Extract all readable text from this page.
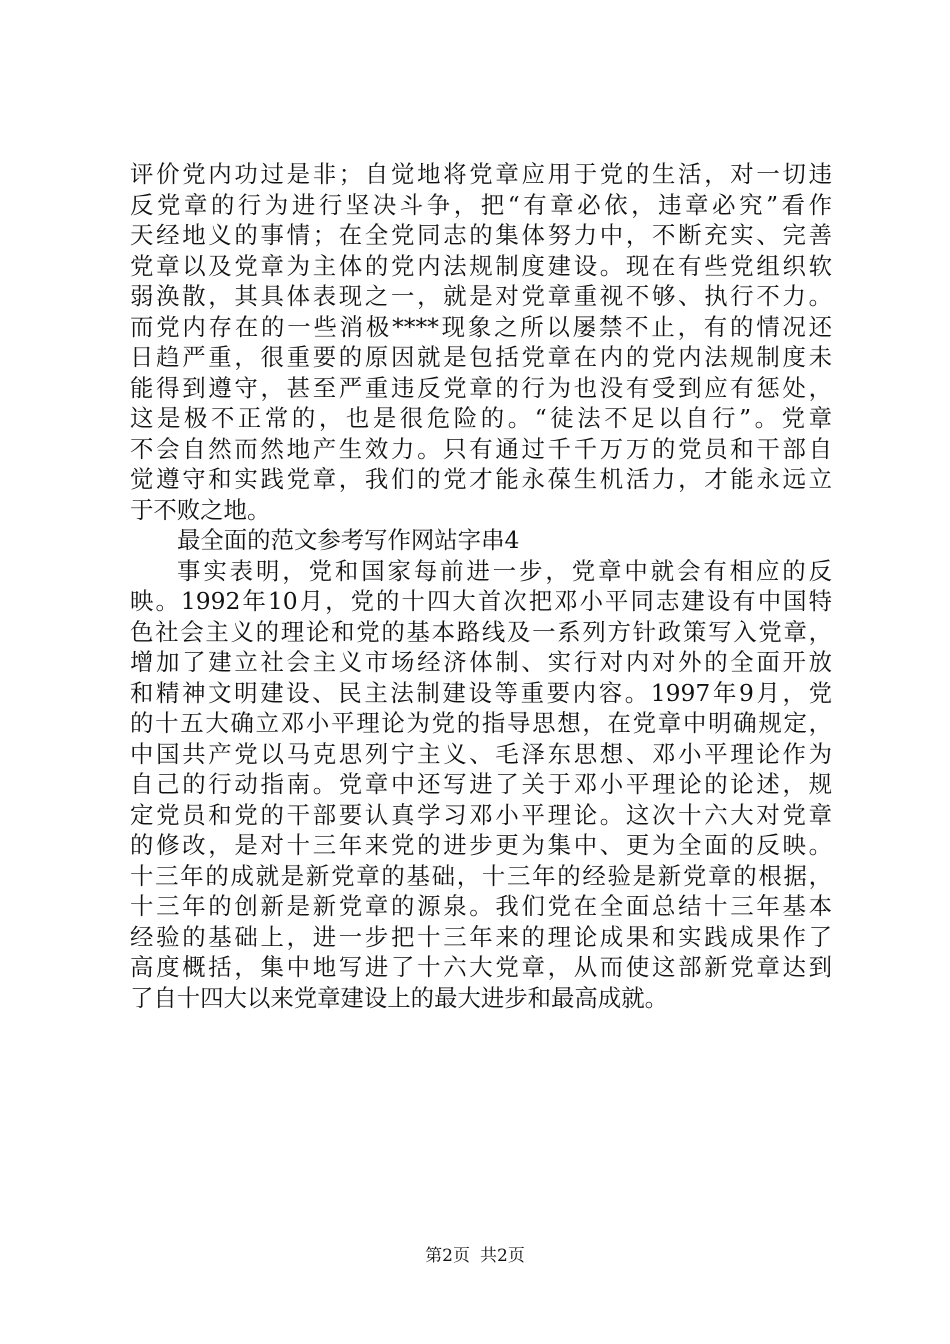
评价党内功过是非；自觉地将党章应用于党的生活，对一切违
反党章的行为进行坚决斗争，把“有章必依，违章必究”看作
天经地义的事情；在全党同志的集体努力中，不断充实、完善
党章以及党章为主体的党内法规制度建设。现在有些党组织软
弱涣散，其具体表现之一，就是对党章重视不够、执行不力。
而党内存在的一些消极****现象之所以屡禁不止，有的情况还
日趋严重，很重要的原因就是包括党章在内的党内法规制度未
能得到遵守，甚至严重违反党章的行为也没有受到应有惩处，
这是极不正常的，也是很危险的。“徒法不足以自行”。党章
不会自然而然地产生效力。只有通过千千万万的党员和干部自
觉遵守和实践党章，我们的党才能永葆生机活力，才能永远立
于不败之地。
最全面的范文参考写作网站字串4
事实表明，党和国家每前进一步，党章中就会有相应的反
映。1992年10月，党的十四大首次把邓小平同志建设有中国特
色社会主义的理论和党的基本路线及一系列方针政策写入党章，
增加了建立社会主义市场经济体制、实行对内对外的全面开放
和精神文明建设、民主法制建设等重要内容。1997年9月，党
的十五大确立邓小平理论为党的指导思想，在党章中明确规定，
中国共产党以马克思列宁主义、毛泽东思想、邓小平理论作为
自己的行动指南。党章中还写进了关于邓小平理论的论述，规
定党员和党的干部要认真学习邓小平理论。这次十六大对党章
的修改，是对十三年来党的进步更为集中、更为全面的反映。
十三年的成就是新党章的基础，十三年的经验是新党章的根据，
十三年的创新是新党章的源泉。我们党在全面总结十三年基本
经验的基础上，进一步把十三年来的理论成果和实践成果作了
高度概括，集中地写进了十六大党章，从而使这部新党章达到
了自十四大以来党章建设上的最大进步和最高成就。
第2页 共2页
